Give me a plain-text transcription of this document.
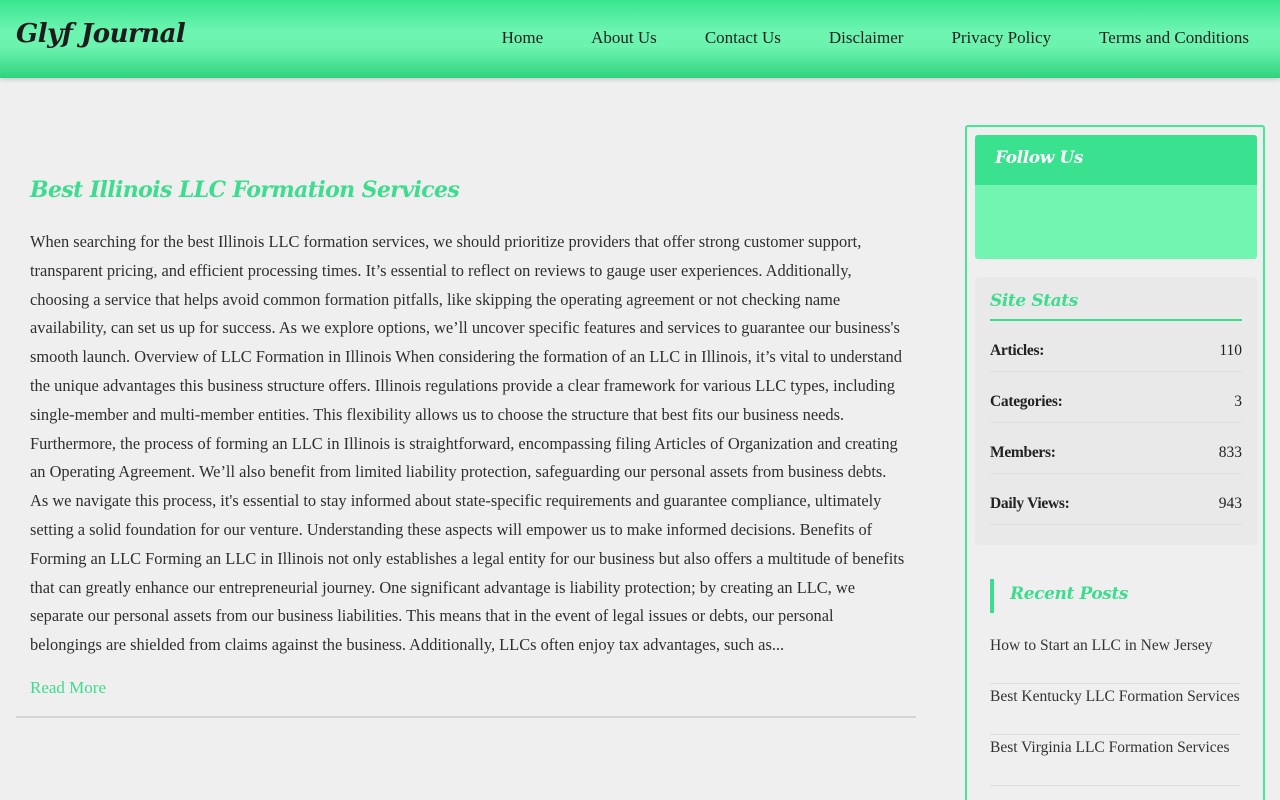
Glyf Journal	Home	About Us	Contact Us	Disclaimer	Privacy Policy	Terms and Conditions
Best Illinois LLC Formation Services

When searching for the best Illinois LLC formation services, we should prioritize providers that offer strong customer support, transparent pricing, and efficient processing times. It’s essential to reflect on reviews to gauge user experiences. Additionally, choosing a service that helps avoid common formation pitfalls, like skipping the operating agreement or not checking name availability, can set us up for success. As we explore options, we’ll uncover specific features and services to guarantee our business's smooth launch. Overview of LLC Formation in Illinois When considering the formation of an LLC in Illinois, it’s vital to understand the unique advantages this business structure offers. Illinois regulations provide a clear framework for various LLC types, including single-member and multi-member entities. This flexibility allows us to choose the structure that best fits our business needs. Furthermore, the process of forming an LLC in Illinois is straightforward, encompassing filing Articles of Organization and creating an Operating Agreement. We’ll also benefit from limited liability protection, safeguarding our personal assets from business debts. As we navigate this process, it's essential to stay informed about state-specific requirements and guarantee compliance, ultimately setting a solid foundation for our venture. Understanding these aspects will empower us to make informed decisions. Benefits of Forming an LLC Forming an LLC in Illinois not only establishes a legal entity for our business but also offers a multitude of benefits that can greatly enhance our entrepreneurial journey. One significant advantage is liability protection; by creating an LLC, we separate our personal assets from our business liabilities. This means that in the event of legal issues or debts, our personal belongings are shielded from claims against the business. Additionally, LLCs often enjoy tax advantages, such as...

Read More
Follow Us
Site Stats
Articles:	110
Categories:	3
Members:	833
Daily Views:	943
Recent Posts
How to Start an LLC in New Jersey
Best Kentucky LLC Formation Services
Best Virginia LLC Formation Services
